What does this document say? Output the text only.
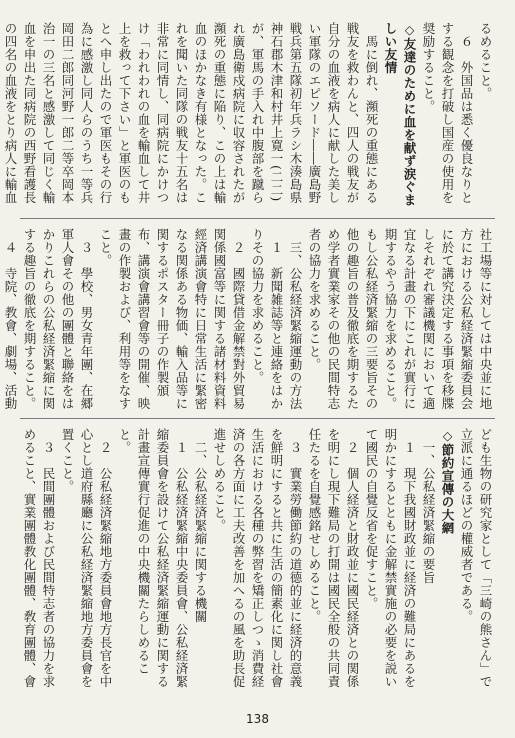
るめること。

６　外国品は悉く優良なりとする観念を打破し国産の使用を奨励すること。

◇友達のために血を献ず涙ぐましい友情

馬に倒れ、瀕死の重態にある戦友を救わんと、四人の戦友が自分の血液を病人に献した美しい軍隊のエピソード――廣島野戦兵第五隊初年兵ラシ木湊島県神石郡木津和村井上寛一(二二)が、軍馬の手入れ中腹部を蹴られ廣島衛戍病院に収容されたが瀕死の重態に陥り、この上は輸血のほかなき有様となった。これを聞いた同隊の戦友十五名は非常に同情し、同病院にかけつけ「われわれの血を輸血して井上を救って下さい」と軍医のもとへ申し出たので軍医もその行為に感激し同人らのうち一等兵岡田二郎同河野一郎二等卒岡本治一の三名と感激して同じく輸血を申出た同病院の西野看護長の四名の血液をとり病人に輸血

社工場等に対しては中央並に地方における公私経済緊縮委員会に於て講究決定する事項を移牒しそれぞれ審議機関において適宜なる計畫の下にこれが實行に期するやう協力を求めること。もし公私経済緊縮の三要旨その他の趣旨の普及徹底を期するため学者實業家その他の民間特志者の協力を求めること。

三、公私経済緊縮運動の方法

１　新聞雑誌等と連絡をはかりその協力を求めること。

２　國際貸借金解禁對外貿易関係國富等に関する諸材料資料經済講演會特に日常生活に緊密なる関係ある物価、輸入品等に関するポスター冊子の作製頒布、講演會講習會等の開催、映畫の作製および、利用等をなすこと。

３　學校、男女青年團、在郷軍人會その他の團體と聯絡をはかりこれらの公私経済緊縮に関する趣旨の徹底を期すること。

４　寺院、教會、劇場、活動

ども生物の研究家として「三崎の熊さん」で立派に通るほどの權威者である。

◇節約宣傳の大網

一、公私経済緊縮の要旨

１　現下我國財政並に経済の難局にあるを明かにするとともに金解禁實施の必要を説いて國民の自覺反省を促すこと。

２　個人経済と財政並に國民経済との関係を明にし現下難局の打開は國民全般の共同責任たるを自覺感銘せしめること。

３　實業勞働節約の道德的並に経済的意義を鮮明にすると共に生活の簡素化に関し社會生活における各種の弊習を矯正しつゝ消費経済の各方面に工夫改善を加へるの風を助長促進せしめること。

二、公私経済緊縮に関する機關

１　公私経済緊縮中央委員會、公私経済緊縮委員會を設けて公私経済緊縮運動に関する計畫宣傳實行促進の中央機關たらしめること。

２　公私経済緊縮地方委員會地方長官を中心とし道府縣廳に公私経済緊縮地方委員會を置くこと。

３　民間團體および民間特志者の協力を求めること、實業團體教化團體、敎育團體、會

138
